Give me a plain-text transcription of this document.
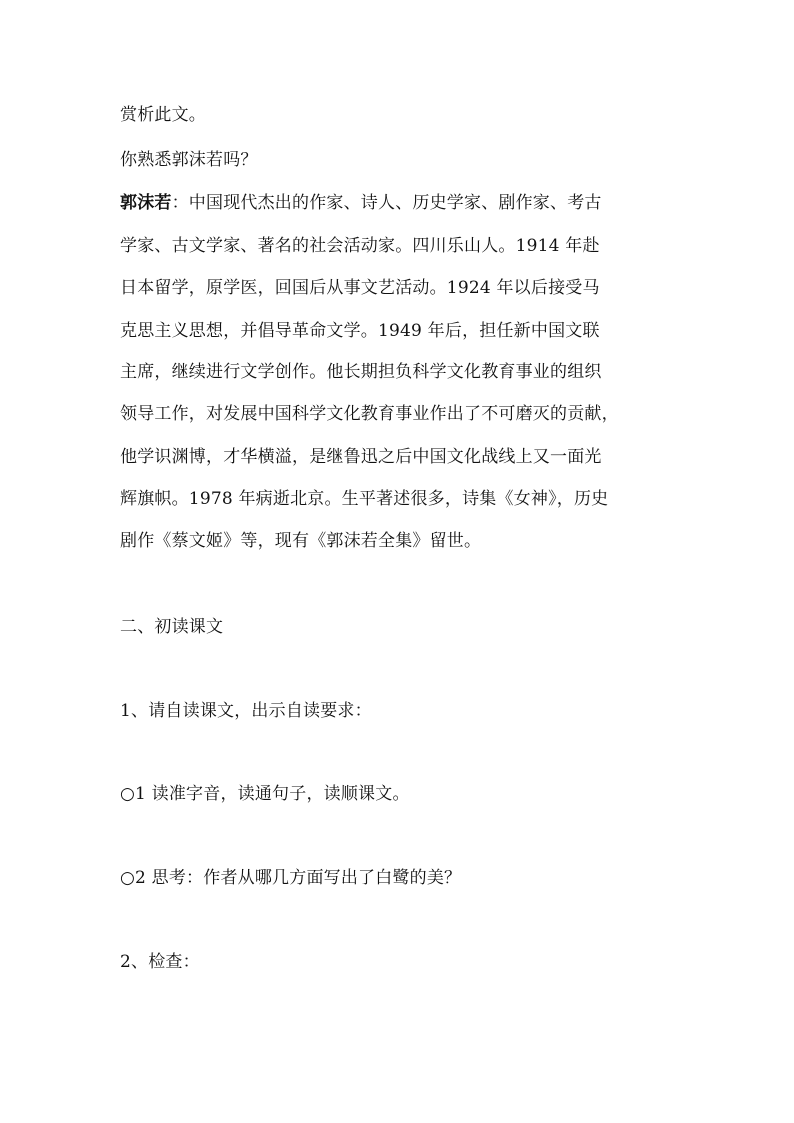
赏析此文。
你熟悉郭沫若吗？
郭沫若：中国现代杰出的作家、诗人、历史学家、剧作家、考古
学家、古文学家、著名的社会活动家。四川乐山人。1914 年赴
日本留学，原学医，回国后从事文艺活动。1924 年以后接受马
克思主义思想，并倡导革命文学。1949 年后，担任新中国文联
主席，继续进行文学创作。他长期担负科学文化教育事业的组织
领导工作，对发展中国科学文化教育事业作出了不可磨灭的贡献，
他学识渊博，才华横溢，是继鲁迅之后中国文化战线上又一面光
辉旗帜。1978 年病逝北京。生平著述很多，诗集《女神》，历史
剧作《蔡文姬》等，现有《郭沫若全集》留世。
二、初读课文
1、请自读课文，出示自读要求：
○1 读准字音，读通句子，读顺课文。
○2 思考：作者从哪几方面写出了白鹭的美？
2、检查：
